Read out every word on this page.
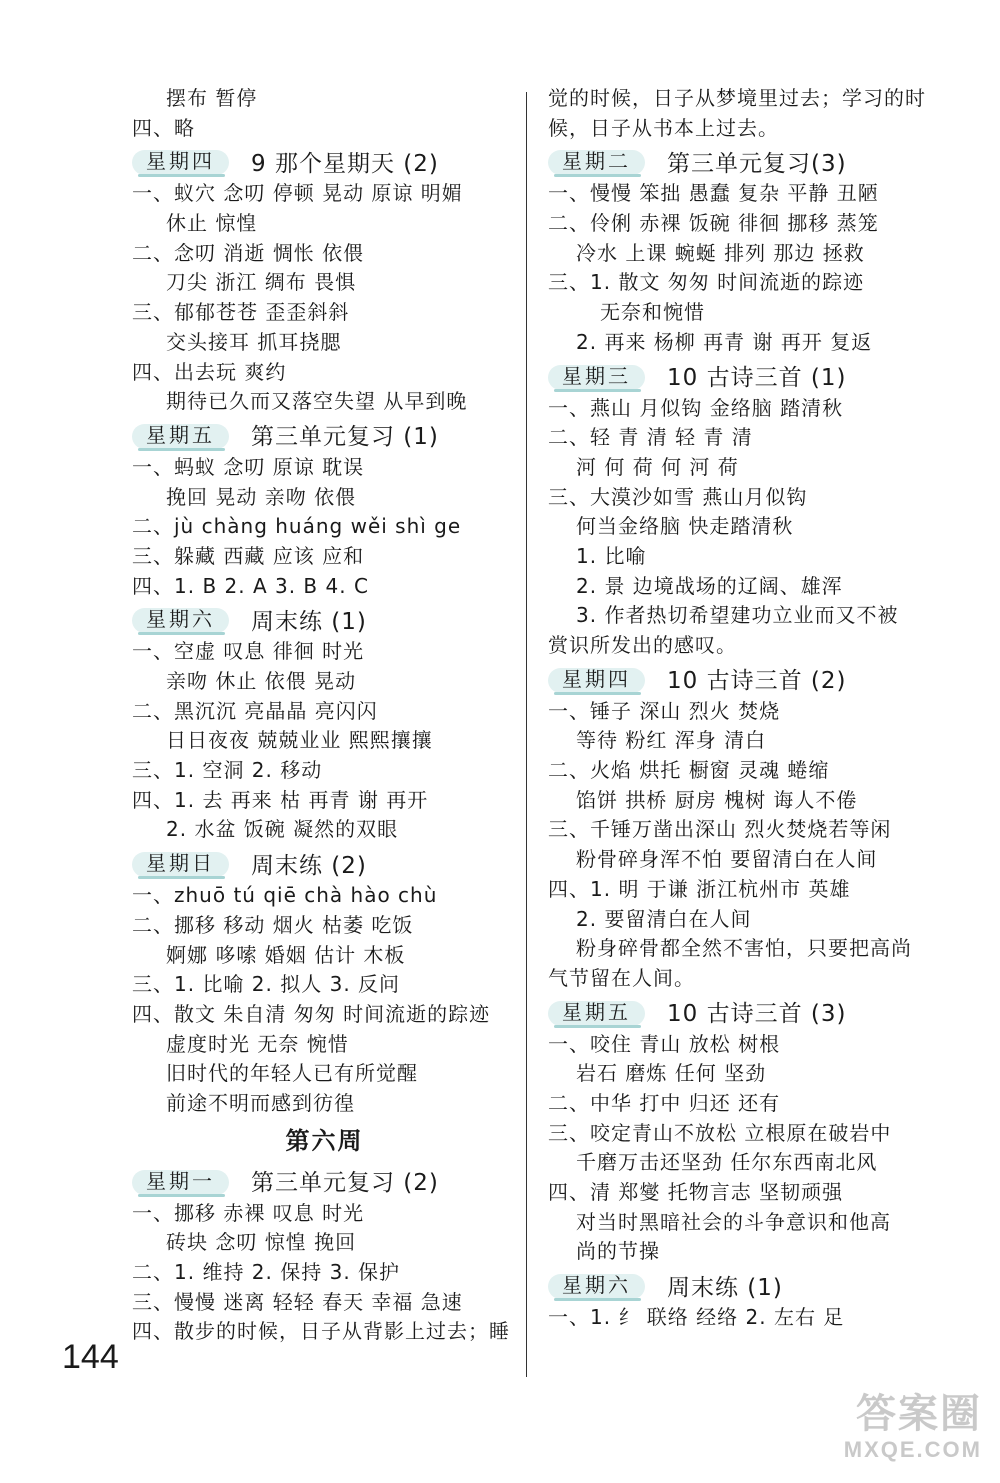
摆布 暂停
四、略
星期四	9 那个星期天 (2)
一、蚁穴 念叨 停顿 晃动 原谅 明媚
休止 惊惶
二、念叨 消逝 惆怅 依偎
刀尖 浙江 绸布 畏惧
三、郁郁苍苍 歪歪斜斜
交头接耳 抓耳挠腮
四、出去玩 爽约
期待已久而又落空失望 从早到晚
星期五	第三单元复习 (1)
一、蚂蚁 念叨 原谅 耽误
挽回 晃动 亲吻 依偎
二、jù chàng huáng wěi shì ge
三、躲藏 西藏 应该 应和
四、1. B 2. A 3. B 4. C
星期六	周末练 (1)
一、空虚 叹息 徘徊 时光
亲吻 休止 依偎 晃动
二、黑沉沉 亮晶晶 亮闪闪
日日夜夜 兢兢业业 熙熙攘攘
三、1. 空洞 2. 移动
四、1. 去 再来 枯 再青 谢 再开
2. 水盆 饭碗 凝然的双眼
星期日	周末练 (2)
一、zhuō tú qiē chà hào chù
二、挪移 移动 烟火 枯萎 吃饭
婀娜 哆嗦 婚姻 估计 木板
三、1. 比喻 2. 拟人 3. 反问
四、散文 朱自清 匆匆 时间流逝的踪迹
虚度时光 无奈 惋惜
旧时代的年轻人已有所觉醒
前途不明而感到彷徨
第六周
星期一	第三单元复习 (2)
一、挪移 赤裸 叹息 时光
砖块 念叨 惊惶 挽回
二、1. 维持 2. 保持 3. 保护
三、慢慢 迷离 轻轻 春天 幸福 急速
四、散步的时候，日子从背影上过去；睡
觉的时候，日子从梦境里过去；学习的时
候，日子从书本上过去。
星期二	第三单元复习(3)
一、慢慢 笨拙 愚蠢 复杂 平静 丑陋
二、伶俐 赤裸 饭碗 徘徊 挪移 蒸笼
冷水 上课 蜿蜒 排列 那边 拯救
三、1. 散文 匆匆 时间流逝的踪迹
无奈和惋惜
2. 再来 杨柳 再青 谢 再开 复返
星期三	10 古诗三首 (1)
一、燕山 月似钩 金络脑 踏清秋
二、轻 青 清 轻 青 清
河 何 荷 何 河 荷
三、大漠沙如雪 燕山月似钩
何当金络脑 快走踏清秋
1. 比喻
2. 景 边境战场的辽阔、雄浑
3. 作者热切希望建功立业而又不被
赏识所发出的感叹。
星期四	10 古诗三首 (2)
一、锤子 深山 烈火 焚烧
等待 粉红 浑身 清白
二、火焰 烘托 橱窗 灵魂 蜷缩
馅饼 拱桥 厨房 槐树 诲人不倦
三、千锤万凿出深山 烈火焚烧若等闲
粉骨碎身浑不怕 要留清白在人间
四、1. 明 于谦 浙江杭州市 英雄
2. 要留清白在人间
粉身碎骨都全然不害怕，只要把高尚
气节留在人间。
星期五	10 古诗三首 (3)
一、咬住 青山 放松 树根
岩石 磨炼 任何 坚劲
二、中华 打中 归还 还有
三、咬定青山不放松 立根原在破岩中
千磨万击还坚劲 任尔东西南北风
四、清 郑燮 托物言志 坚韧顽强
对当时黑暗社会的斗争意识和他高
尚的节操
星期六	周末练 (1)
一、1. 纟 联络 经络 2. 左右 足
144
答案圈
MXQE.COM
